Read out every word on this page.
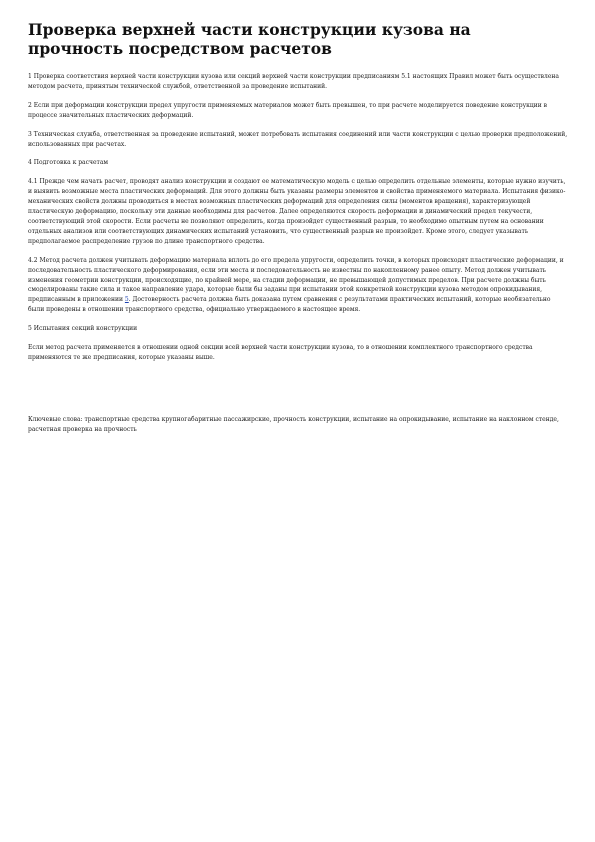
Проверка верхней части конструкции кузова на прочность посредством расчетов

1 Проверка соответствия верхней части конструкции кузова или секций верхней части конструкции предписаниям 5.1 настоящих Правил может быть осуществлена методом расчета, принятым технической службой, ответственной за проведение испытаний.

2 Если при деформации конструкции предел упругости применяемых материалов может быть превышен, то при расчете моделируется поведение конструкции в процессе значительных пластических деформаций.

3 Техническая служба, ответственная за проведение испытаний, может потребовать испытания соединений или части конструкции с целью проверки предположений, использованных при расчетах.

4 Подготовка к расчетам

4.1 Прежде чем начать расчет, проводят анализ конструкции и создают ее математическую модель с целью определить отдельные элементы, которые нужно изучить, и выявить возможные места пластических деформаций. Для этого должны быть указаны размеры элементов и свойства применяемого материала. Испытания физико-механических свойств должны проводиться в местах возможных пластических деформаций для определения силы (моментов вращения), характеризующей пластическую деформацию, поскольку эти данные необходимы для расчетов. Далее определяются скорость деформации и динамический предел текучести, соответствующий этой скорости. Если расчеты не позволяют определить, когда произойдет существенный разрыв, то необходимо опытным путем на основании отдельных анализов или соответствующих динамических испытаний установить, что существенный разрыв не произойдет. Кроме этого, следует указывать предполагаемое распределение грузов по длине транспортного средства.

4.2 Метод расчета должен учитывать деформацию материала вплоть до его предела упругости, определить точки, в которых происходят пластические деформации, и последовательность пластического деформирования, если эти места и последовательность не известны по накопленному ранее опыту. Метод должен учитывать изменения геометрии конструкции, происходящие, по крайней мере, на стадии деформации, не превышающей допустимых пределов. При расчете должны быть смоделированы такие сила и такое направление удара, которые были бы заданы при испытании этой конкретной конструкции кузова методом опрокидывания, предписанным в приложении 5. Достоверность расчета должна быть доказана путем сравнения с результатами практических испытаний, которые необязательно были проведены в отношении транспортного средства, официально утверждаемого в настоящее время.

5 Испытания секций конструкции

Если метод расчета применяется в отношении одной секции всей верхней части конструкции кузова, то в отношении комплектного транспортного средства применяются те же предписания, которые указаны выше.

Ключевые слова: транспортные средства крупногабаритные пассажирские, прочность конструкции, испытание на опрокидывание, испытание на наклонном стенде, расчетная проверка на прочность
